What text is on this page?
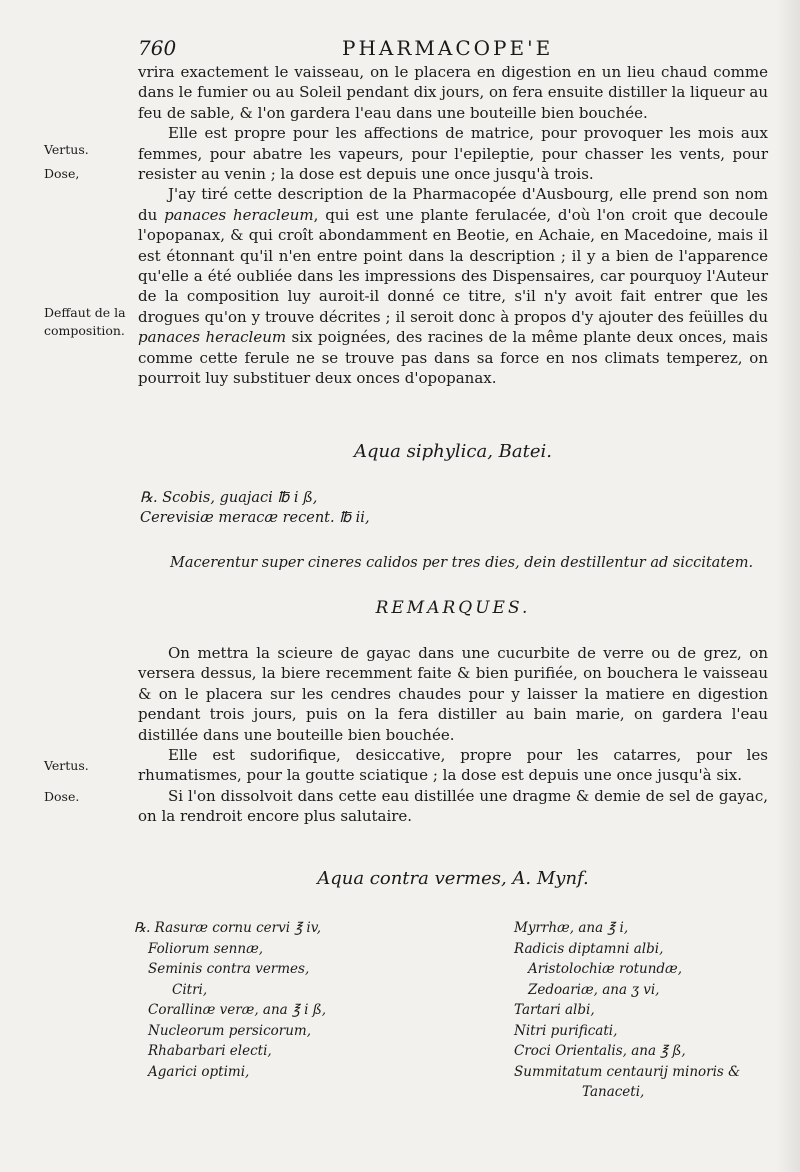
760	PHARMACOPE'E
Vertus.
Dose,
Deffaut de la
composition.
Vertus.
Dose.

vrira exactement le vaisseau, on le placera en digestion en un lieu chaud comme dans le fumier ou au Soleil pendant dix jours, on fera ensuite distiller la liqueur au feu de sable, & l'on gardera l'eau dans une bouteille bien bouchée.

Elle est propre pour les affections de matrice, pour provoquer les mois aux femmes, pour abatre les vapeurs, pour l'epileptie, pour chasser les vents, pour resister au venin ; la dose est depuis une once jusqu'à trois.

J'ay tiré cette description de la Pharmacopée d'Ausbourg, elle prend son nom du panaces heracleum, qui est une plante ferulacée, d'où l'on croit que decoule l'opopanax, & qui croît abondamment en Beotie, en Achaie, en Macedoine, mais il est étonnant qu'il n'en entre point dans la description ; il y a bien de l'apparence qu'elle a été oubliée dans les impressions des Dispensaires, car pourquoy l'Auteur de la composition luy auroit-il donné ce titre, s'il n'y avoit fait entrer que les drogues qu'on y trouve décrites ; il seroit donc à propos d'y ajouter des feüilles du panaces heracleum six poignées, des racines de la même plante deux onces, mais comme cette ferule ne se trouve pas dans sa force en nos climats temperez, on pourroit luy substituer deux onces d'opopanax.

Aqua siphylica, Batei.
℞. Scobis, guajaci ℔ i ß,
Cerevisiæ meracæ recent. ℔ ii,
Macerentur super cineres calidos per tres dies, dein destillentur ad siccitatem.
REMARQUES.

On mettra la scieure de gayac dans une cucurbite de verre ou de grez, on versera dessus, la biere recemment faite & bien purifiée, on bouchera le vaisseau & on le placera sur les cendres chaudes pour y laisser la matiere en digestion pendant trois jours, puis on la fera distiller au bain marie, on gardera l'eau distillée dans une bouteille bien bouchée.

Elle est sudorifique, desiccative, propre pour les catarres, pour les rhumatismes, pour la goutte sciatique ; la dose est depuis une once jusqu'à six.

Si l'on dissolvoit dans cette eau distillée une dragme & demie de sel de gayac, on la rendroit encore plus salutaire.

Aqua contra vermes, A. Mynf.
℞. Rasuræ cornu cervi ℥ iv,
Foliorum sennæ,
Seminis contra vermes,
Citri,
Corallinæ veræ, ana ℥ i ß,
Nucleorum persicorum,
Rhabarbari electi,
Agarici optimi,
Myrrhæ, ana ℥ i,
Radicis diptamni albi,
Aristolochiæ rotundæ,
Zedoariæ, ana ʒ vi,
Tartari albi,
Nitri purificati,
Croci Orientalis, ana ℥ ß,
Summitatum centaurij minoris &
Tanaceti,
